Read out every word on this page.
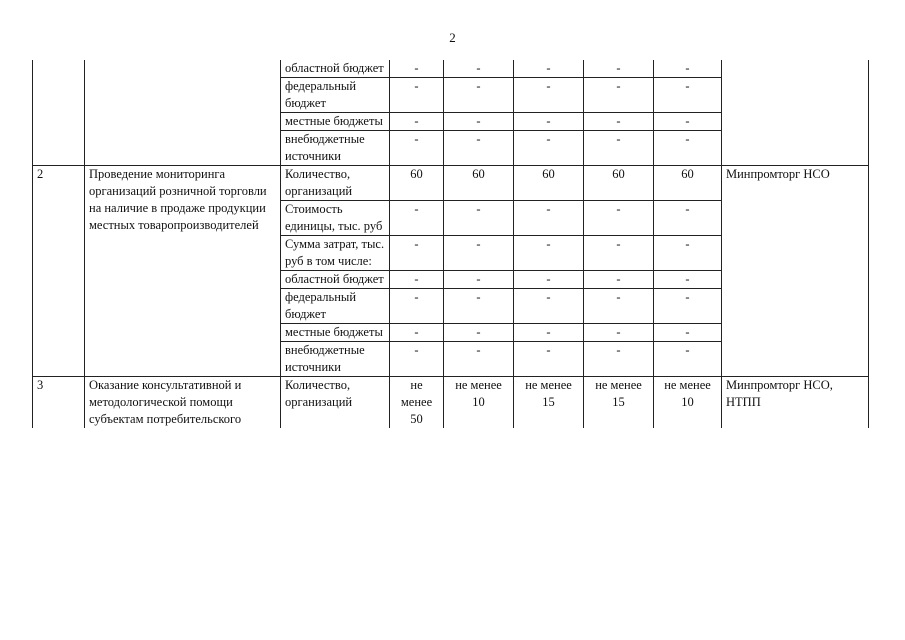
2
		областной бюджет	-	-	-	-	-	
		федеральный бюджет	-	-	-	-	-	
		местные бюджеты	-	-	-	-	-	
		внебюджетные источники	-	-	-	-	-	
2	Проведение мониторинга организаций розничной торговли на наличие в продаже продукции местных товаропроизводителей	Количество, организаций	60	60	60	60	60	Минпромторг НСО
		Стоимость единицы, тыс. руб	-	-	-	-	-	
		Сумма затрат, тыс. руб в том числе:	-	-	-	-	-	
		областной бюджет	-	-	-	-	-	
		федеральный бюджет	-	-	-	-	-	
		местные бюджеты	-	-	-	-	-	
		внебюджетные источники	-	-	-	-	-	
3	Оказание консультативной и методологической помощи субъектам потребительского	Количество, организаций	не менее 50	не менее 10	не менее 15	не менее 15	не менее 10	Минпромторг НСО, НТПП
